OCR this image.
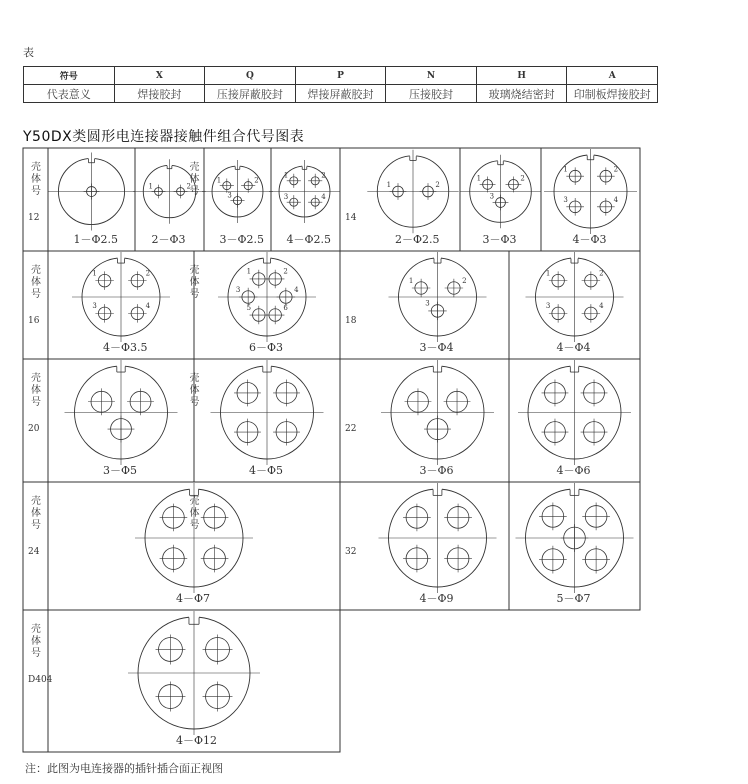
表
符号	X	Q	P	N	H	A
代表意义	焊接胶封	压接屏蔽胶封	焊接屏蔽胶封	压接胶封	玻璃烧结密封	印制板焊接胶封
Y50DX类圆形电连接器接触件组合代号图表
壳
体
号
12
1－Φ2.5
1	2
2－Φ3
1	2
3
3－Φ2.5
1	2
3	4
4－Φ2.5
壳
体
号
14
1	2
2－Φ2.5
1	2
3
3－Φ3
1	2
3	4
4－Φ3
壳
体
号
16
1	2
3	4
4－Φ3.5
1	2
3	4
5	6
6－Φ3
壳
体
号
18
1	2
3
3－Φ4
1	2
3	4
4－Φ4
壳
体
号
20
3－Φ5	4－Φ5
壳
体
号
22
3－Φ6	4－Φ6
壳
体
号
24
4－Φ7
壳
体
号
32
4－Φ9	5－Φ7
壳
体
号
D404
4－Φ12
注：此图为电连接器的插针插合面正视图
